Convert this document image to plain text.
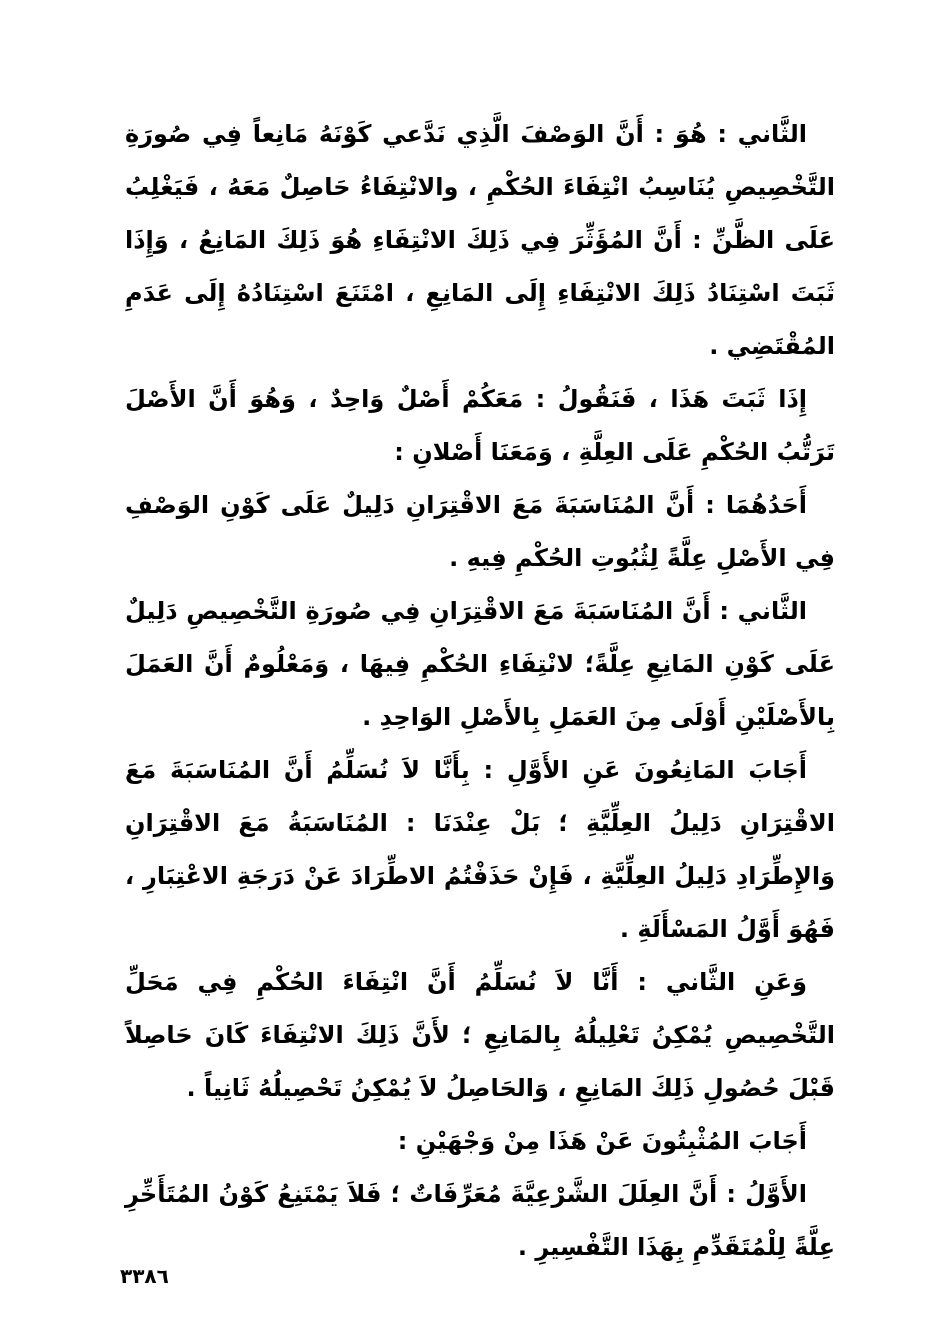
الثَّاني : هُوَ : أَنَّ الوَصْفَ الَّذِي نَدَّعي كَوْنَهُ مَانِعاً فِي صُورَةِ التَّخْصِيصِ يُنَاسِبُ انْتِفَاءَ الحُكْمِ ، والانْتِفَاءُ حَاصِلٌ مَعَهُ ، فَيَغْلِبُ عَلَى الظَّنِّ : أَنَّ المُؤَثِّرَ فِي ذَلِكَ الانْتِفَاءِ هُوَ ذَلِكَ المَانِعُ ، وَإِذَا ثَبَتَ اسْتِنَادُ ذَلِكَ الانْتِفَاءِ إِلَى المَانِعِ ، امْتَنَعَ اسْتِنَادُهُ إِلَى عَدَمِ المُقْتَضِي .

إِذَا ثَبَتَ هَذَا ، فَنَقُولُ : مَعَكُمْ أَصْلٌ وَاحِدٌ ، وَهُوَ أَنَّ الأَصْلَ تَرَتُّبُ الحُكْمِ عَلَى العِلَّةِ ، وَمَعَنَا أَصْلانِ :

أَحَدُهُمَا : أَنَّ المُنَاسَبَةَ مَعَ الاقْتِرَانِ دَلِيلٌ عَلَى كَوْنِ الوَصْفِ فِي الأَصْلِ عِلَّةً لِثُبُوتِ الحُكْمِ فِيهِ .

الثَّاني : أَنَّ المُنَاسَبَةَ مَعَ الاقْتِرَانِ فِي صُورَةِ التَّخْصِيصِ دَلِيلٌ عَلَى كَوْنِ المَانِعِ عِلَّةً؛ لانْتِفَاءِ الحُكْمِ فِيهَا ، وَمَعْلُومٌ أَنَّ العَمَلَ بِالأَصْلَيْنِ أَوْلَى مِنَ العَمَلِ بِالأَصْلِ الوَاحِدِ .

أَجَابَ المَانِعُونَ عَنِ الأَوَّلِ : بِأَنَّا لاَ نُسَلِّمُ أَنَّ المُنَاسَبَةَ مَعَ الاقْتِرَانِ دَلِيلُ العِلِّيَّةِ ؛ بَلْ عِنْدَنَا : المُنَاسَبَةُ مَعَ الاقْتِرَانِ وَالإِطِّرَادِ دَلِيلُ العِلِّيَّةِ ، فَإِنْ حَذَفْتُمُ الاطِّرَادَ عَنْ دَرَجَةِ الاعْتِبَارِ ، فَهُوَ أَوَّلُ المَسْأَلَةِ .

وَعَنِ الثَّاني : أَنَّا لاَ نُسَلِّمُ أَنَّ انْتِفَاءَ الحُكْمِ فِي مَحَلِّ التَّخْصِيصِ يُمْكِنُ تَعْلِيلُهُ بِالمَانِعِ ؛ لأَنَّ ذَلِكَ الانْتِفَاءَ كَانَ حَاصِلاً قَبْلَ حُصُولِ ذَلِكَ المَانِعِ ، وَالحَاصِلُ لاَ يُمْكِنُ تَحْصِيلُهُ ثَانِياً .

أَجَابَ المُثْبِتُونَ عَنْ هَذَا مِنْ وَجْهَيْنِ :

الأَوَّلُ : أَنَّ العِلَلَ الشَّرْعِيَّةَ مُعَرِّفَاتٌ ؛ فَلاَ يَمْتَنِعُ كَوْنُ المُتَأَخِّرِ عِلَّةً لِلْمُتَقَدِّمِ بِهَذَا التَّفْسِيرِ .

٣٣٨٦
